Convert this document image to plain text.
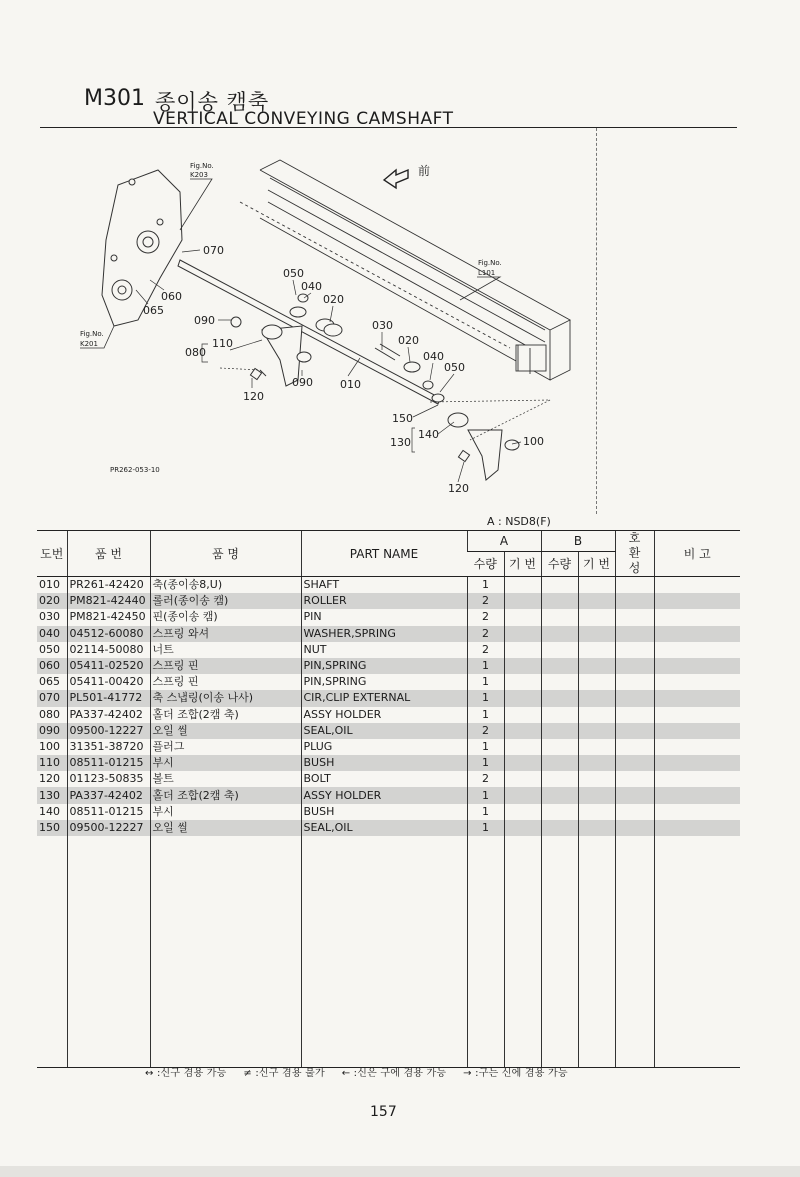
M301 종이송 캠축
VERTICAL CONVEYING CAMSHAFT
Fig.No.
K203
Fig.No.
L101
Fig.No.
K201
前
070
060
065
050
040
020
090
110
080
090 010
120
030
020
040
050
150
140
130	100
120
PR262-053-10
A : NSD8(F)
도번	품 번	품 명	PART NAME	A		B		호
환
성	비 고
				수량	기 번	수량	기 번		
010	PR261-42420	축(종이송8,U)	SHAFT	1					
020	PM821-42440	롤러(종이송 캠)	ROLLER	2					
030	PM821-42450	핀(종이송 캠)	PIN	2					
040	04512-60080	스프링 와셔	WASHER,SPRING	2					
050	02114-50080	너트	NUT	2					
060	05411-02520	스프링 핀	PIN,SPRING	1					
065	05411-00420	스프링 핀	PIN,SPRING	1					
070	PL501-41772	축 스냅링(이송 나사)	CIR,CLIP EXTERNAL	1					
080	PA337-42402	홀더 조합(2캠 축)	ASSY HOLDER	1					
090	09500-12227	오일 씰	SEAL,OIL	2					
100	31351-38720	플러그	PLUG	1					
110	08511-01215	부시	BUSH	1					
120	01123-50835	볼트	BOLT	2					
130	PA337-42402	홀더 조합(2캠 축)	ASSY HOLDER	1					
140	08511-01215	부시	BUSH	1					
150	09500-12227	오일 씰	SEAL,OIL	1					

↔ :신구 겸용 가능 ≠ :신구 겸용 불가 ← :신은 구에 겸용 가능 → :구는 신에 겸용 가능
157
